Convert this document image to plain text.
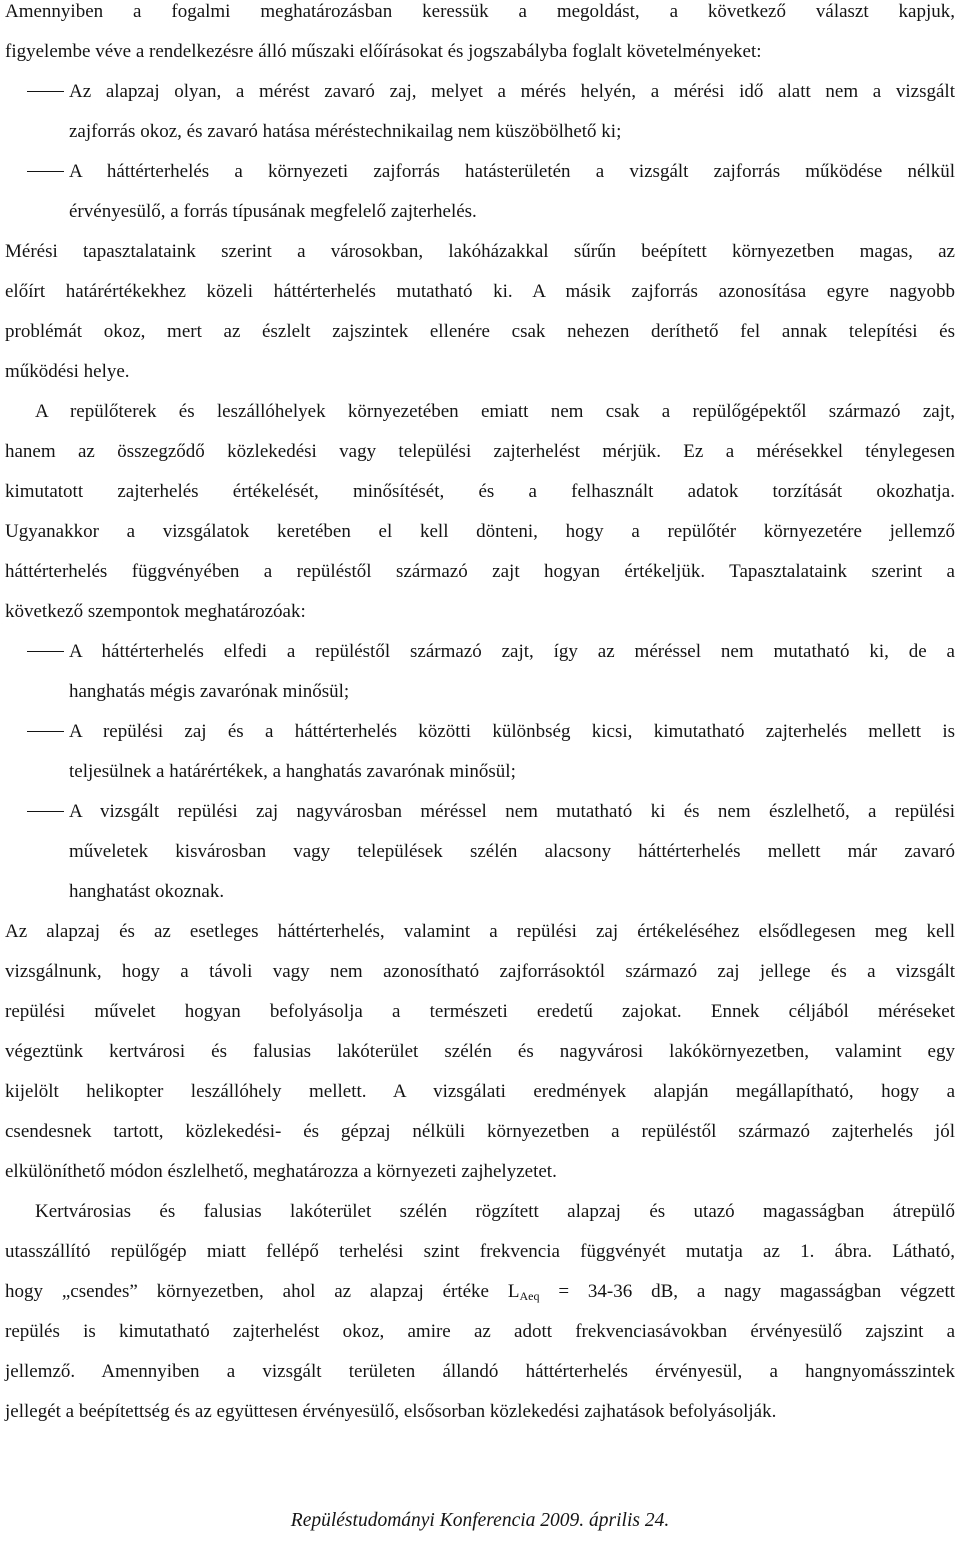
Amennyiben a fogalmi meghatározásban keressük a megoldást, a következő választ kapjuk,
figyelembe véve a rendelkezésre álló műszaki előírásokat és jogszabályba foglalt követelményeket:

Az alapzaj olyan, a mérést zavaró zaj, melyet a mérés helyén, a mérési idő alatt nem a vizsgált
zajforrás okoz, és zavaró hatása méréstechnikailag nem küszöbölhető ki;

A háttérterhelés a környezeti zajforrás hatásterületén a vizsgált zajforrás működése nélkül
érvényesülő, a forrás típusának megfelelő zajterhelés.

Mérési tapasztalataink szerint a városokban, lakóházakkal sűrűn beépített környezetben magas, az
előírt határértékekhez közeli háttérterhelés mutatható ki. A másik zajforrás azonosítása egyre nagyobb
problémát okoz, mert az észlelt zajszintek ellenére csak nehezen deríthető fel annak telepítési és
működési helye.

A repülőterek és leszállóhelyek környezetében emiatt nem csak a repülőgépektől származó zajt,
hanem az összegződő közlekedési vagy települési zajterhelést mérjük. Ez a mérésekkel ténylegesen
kimutatott zajterhelés értékelését, minősítését, és a felhasznált adatok torzítását okozhatja.
Ugyanakkor a vizsgálatok keretében el kell dönteni, hogy a repülőtér környezetére jellemző
háttérterhelés függvényében a repüléstől származó zajt hogyan értékeljük. Tapasztalataink szerint a
következő szempontok meghatározóak:

A háttérterhelés elfedi a repüléstől származó zajt, így az méréssel nem mutatható ki, de a
hanghatás mégis zavarónak minősül;

A repülési zaj és a háttérterhelés közötti különbség kicsi, kimutatható zajterhelés mellett is
teljesülnek a határértékek, a hanghatás zavarónak minősül;

A vizsgált repülési zaj nagyvárosban méréssel nem mutatható ki és nem észlelhető, a repülési
műveletek kisvárosban vagy települések szélén alacsony háttérterhelés mellett már zavaró
hanghatást okoznak.

Az alapzaj és az esetleges háttérterhelés, valamint a repülési zaj értékeléséhez elsődlegesen meg kell
vizsgálnunk, hogy a távoli vagy nem azonosítható zajforrásoktól származó zaj jellege és a vizsgált
repülési művelet hogyan befolyásolja a természeti eredetű zajokat. Ennek céljából méréseket
végeztünk kertvárosi és falusias lakóterület szélén és nagyvárosi lakókörnyezetben, valamint egy
kijelölt helikopter leszállóhely mellett. A vizsgálati eredmények alapján megállapítható, hogy a
csendesnek tartott, közlekedési- és gépzaj nélküli környezetben a repüléstől származó zajterhelés jól
elkülöníthető módon észlelhető, meghatározza a környezeti zajhelyzetet.

Kertvárosias és falusias lakóterület szélén rögzített alapzaj és utazó magasságban átrepülő
utasszállító repülőgép miatt fellépő terhelési szint frekvencia függvényét mutatja az 1. ábra. Látható,
hogy „csendes” környezetben, ahol az alapzaj értéke $L_{Aeq} = 34-36$ dB, a nagy magasságban végzett
repülés is kimutatható zajterhelést okoz, amire az adott frekvenciasávokban érvényesülő zajszint a
jellemző. Amennyiben a vizsgált területen állandó háttérterhelés érvényesül, a hangnyomásszintek
jellegét a beépítettség és az együttesen érvényesülő, elsősorban közlekedési zajhatások befolyásolják.

Repüléstudományi Konferencia 2009. április 24.
